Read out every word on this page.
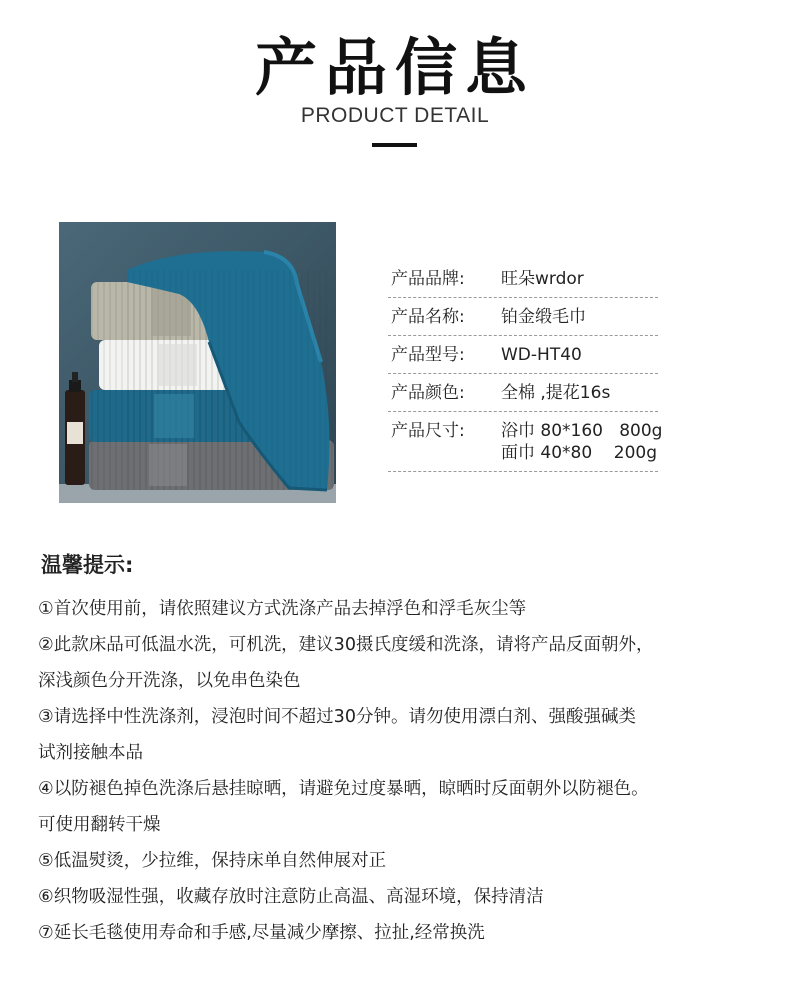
产品信息
PRODUCT DETAIL
产品品牌:	旺朵wrdor
产品名称:	铂金缎毛巾
产品型号:	WD-HT40
产品颜色:	全棉 ,提花16s
产品尺寸:	浴巾 80*160   800g
面巾 40*80    200g
温馨提示:
①首次使用前，请依照建议方式洗涤产品去掉浮色和浮毛灰尘等
②此款床品可低温水洗，可机洗，建议30摄氏度缓和洗涤，请将产品反面朝外，
深浅颜色分开洗涤，以免串色染色
③请选择中性洗涤剂，浸泡时间不超过30分钟。请勿使用漂白剂、强酸强碱类
试剂接触本品
④以防褪色掉色洗涤后悬挂晾晒，请避免过度暴晒，晾晒时反面朝外以防褪色。
可使用翻转干燥
⑤低温熨烫，少拉维，保持床单自然伸展对正
⑥织物吸湿性强，收藏存放时注意防止高温、高湿环境，保持清洁
⑦延长毛毯使用寿命和手感,尽量减少摩擦、拉扯,经常换洗
